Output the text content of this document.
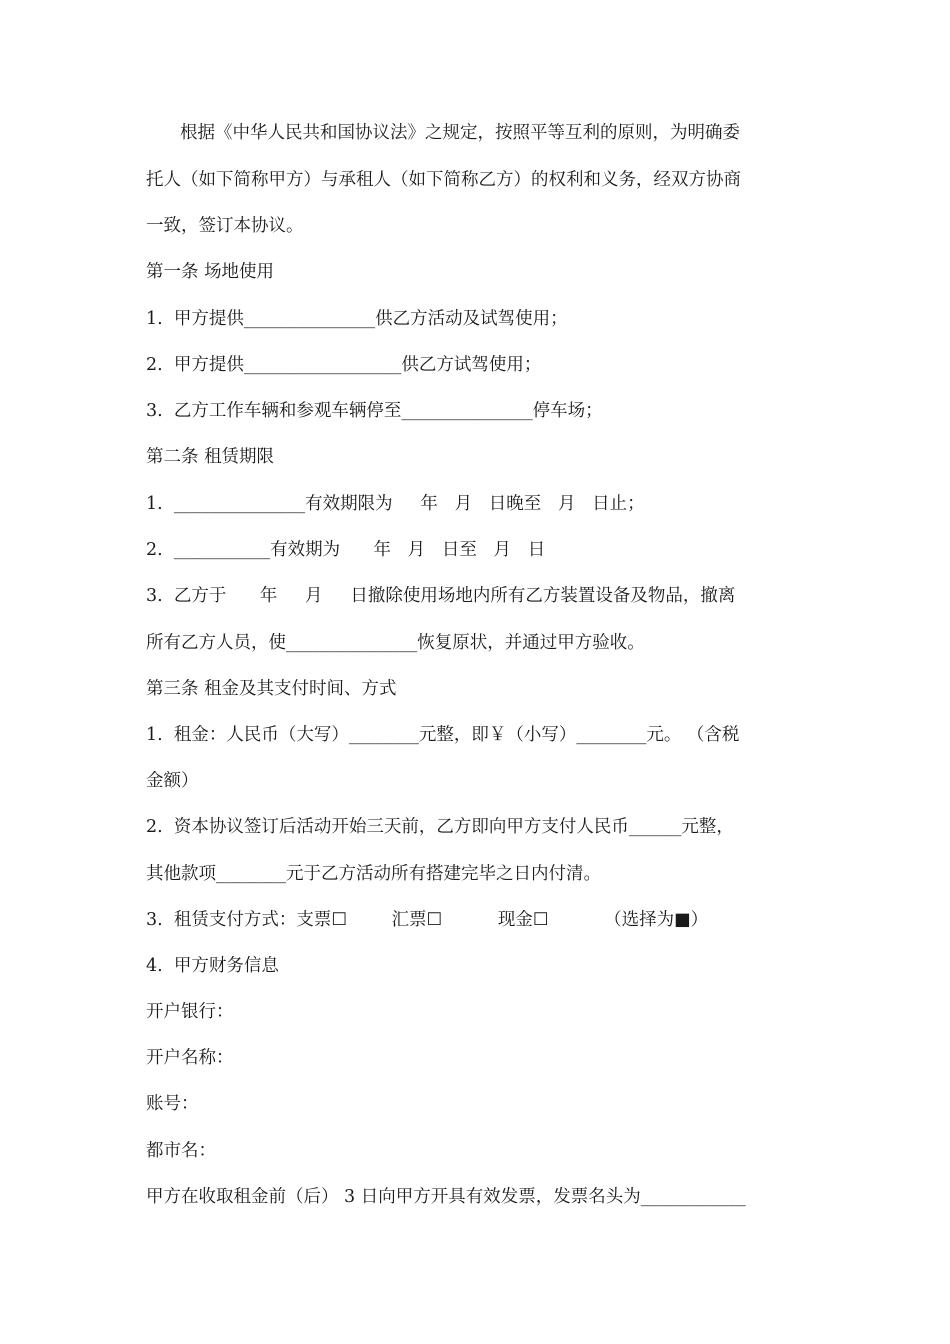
根据《中华人民共和国协议法》之规定，按照平等互利的原则，为明确委
托人（如下简称甲方）与承租人（如下简称乙方）的权利和义务，经双方协商
一致，签订本协议。
第一条 场地使用
1.  甲方提供_______________供乙方活动及试驾使用；
2.  甲方提供__________________供乙方试驾使用；
3.  乙方工作车辆和参观车辆停至_______________停车场；
第二条 租赁期限
1.  _______________有效期限为     年   月   日晚至   月   日止；
2.  ___________有效期为      年   月   日至   月   日
3.  乙方于      年     月     日撤除使用场地内所有乙方装置设备及物品，撤离
所有乙方人员，使_______________恢复原状，并通过甲方验收。
第三条 租金及其支付时间、方式
1.  租金：人民币（大写）________元整，即￥（小写）________元。 （含税
金额）
2.  资本协议签订后活动开始三天前，乙方即向甲方支付人民币______元整，
其他款项________元于乙方活动所有搭建完毕之日内付清。
3.  租赁支付方式：支票☐        汇票☐          现金☐          （选择为■）
4.  甲方财务信息
开户银行：
开户名称：
账号：
都市名：
甲方在收取租金前（后） 3 日向甲方开具有效发票，发票名头为____________
